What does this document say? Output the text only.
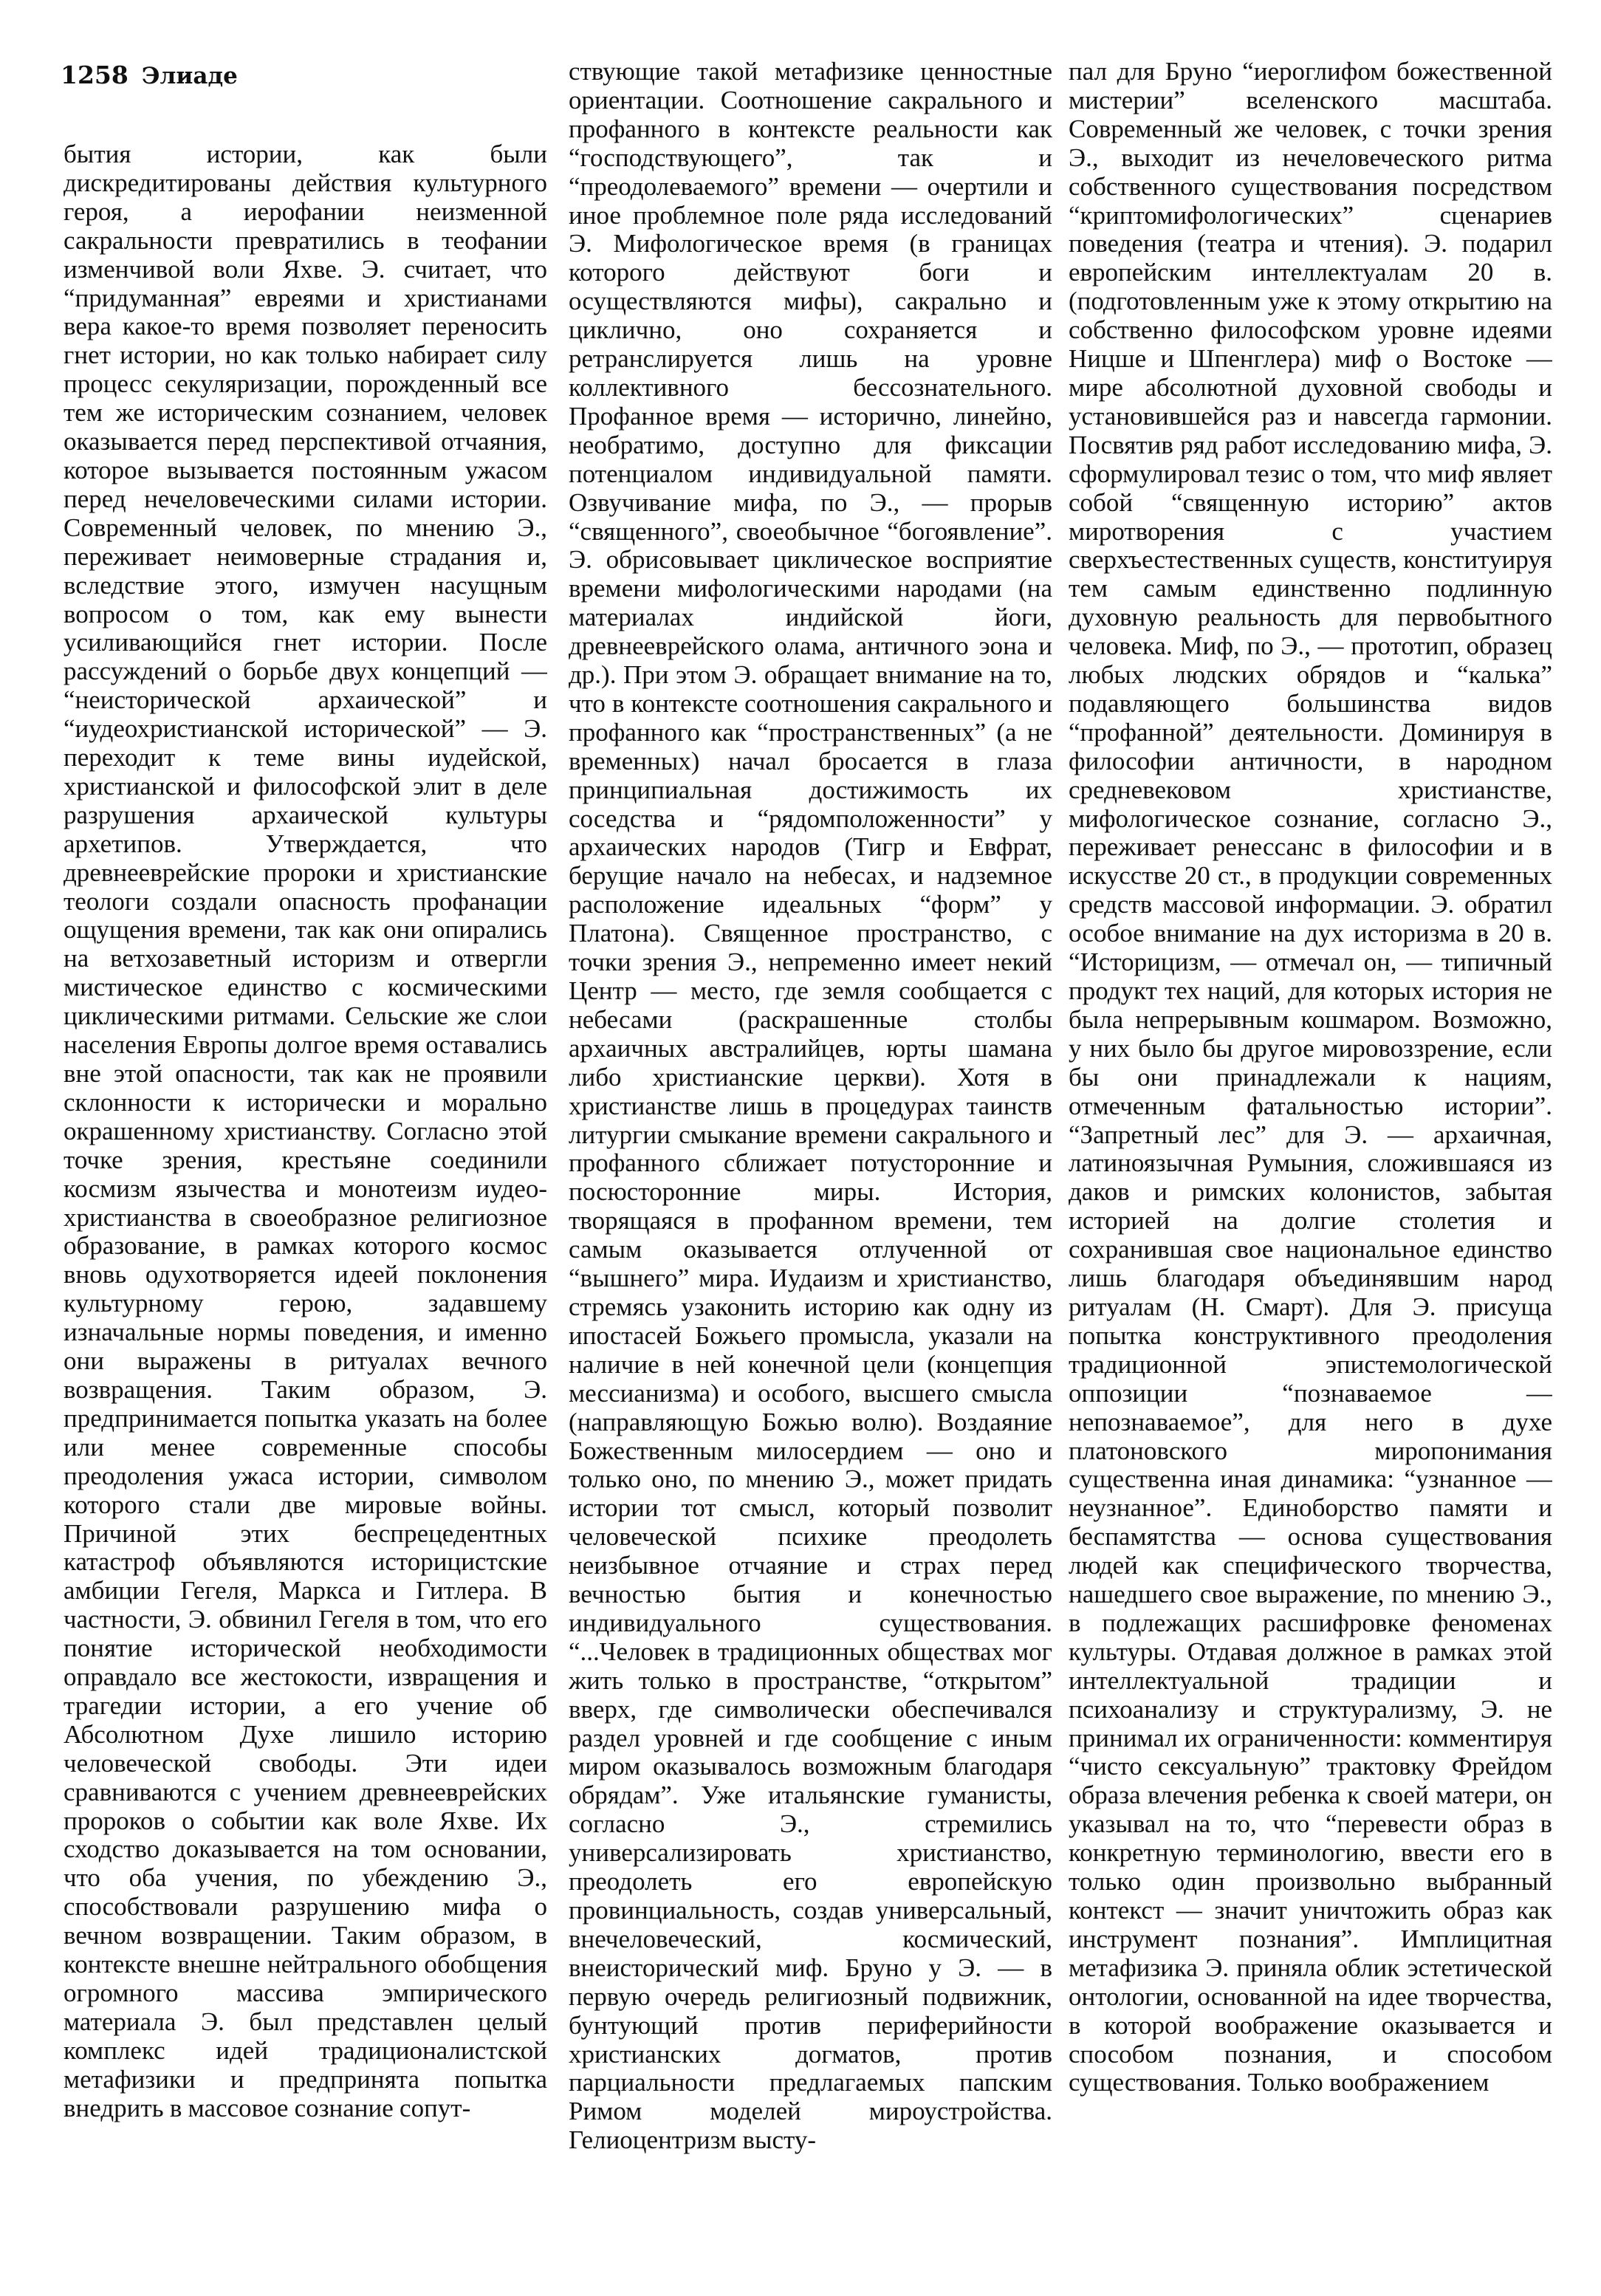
1258 Элиаде

бытия истории, как были дискредитированы действия культурного героя, а иерофании неизменной сакральности превратились в теофании изменчивой воли Яхве. Э. считает, что “придуманная” евреями и христианами вера какое-то время позволяет переносить гнет истории, но как только набирает силу процесс секуляризации, порожденный все тем же историческим сознанием, человек оказывается перед перспективой отчаяния, которое вызывается постоянным ужасом перед нечеловеческими силами истории. Современный человек, по мнению Э., переживает неимоверные страдания и, вследствие этого, измучен насущным вопросом о том, как ему вынести усиливающийся гнет истории. После рассуждений о борьбе двух концепций — “неисторической архаической” и “иудеохристианской исторической” — Э. переходит к теме вины иудейской, христианской и философской элит в деле разрушения архаической культуры архетипов. Утверждается, что древнееврейские пророки и христианские теологи создали опасность профанации ощущения времени, так как они опирались на ветхозаветный историзм и отвергли мистическое единство с космическими циклическими ритмами. Сельские же слои населения Европы долгое время оставались вне этой опасности, так как не проявили склонности к исторически и морально окрашенному христианству. Согласно этой точке зрения, крестьяне соединили космизм язычества и монотеизм иудео-христианства в своеобразное религиозное образование, в рамках которого космос вновь одухотворяется идеей поклонения культурному герою, задавшему изначальные нормы поведения, и именно они выражены в ритуалах вечного возвращения. Таким образом, Э. предпринимается попытка указать на более или менее современные способы преодоления ужаса истории, символом которого стали две мировые войны. Причиной этих беспрецедентных катастроф объявляются историцистские амбиции Гегеля, Маркса и Гитлера. В частности, Э. обвинил Гегеля в том, что его понятие исторической необходимости оправдало все жестокости, извращения и трагедии истории, а его учение об Абсолютном Духе лишило историю человеческой свободы. Эти идеи сравниваются с учением древнееврейских пророков о событии как воле Яхве. Их сходство доказывается на том основании, что оба учения, по убеждению Э., способствовали разрушению мифа о вечном возвращении. Таким образом, в контексте внешне нейтрального обобщения огромного массива эмпирического материала Э. был представлен целый комплекс идей традиционалистской метафизики и предпринята попытка внедрить в массовое сознание сопут-

ствующие такой метафизике ценностные ориентации. Соотношение сакрального и профанного в контексте реальности как “господствующего”, так и “преодолеваемого” времени — очертили и иное проблемное поле ряда исследований Э. Мифологическое время (в границах которого действуют боги и осуществляются мифы), сакрально и циклично, оно сохраняется и ретранслируется лишь на уровне коллективного бессознательного. Профанное время — исторично, линейно, необратимо, доступно для фиксации потенциалом индивидуальной памяти. Озвучивание мифа, по Э., — прорыв “священного”, своеобычное “богоявление”. Э. обрисовывает циклическое восприятие времени мифологическими народами (на материалах индийской йоги, древнееврейского олама, античного эона и др.). При этом Э. обращает внимание на то, что в контексте соотношения сакрального и профанного как “пространственных” (а не временных) начал бросается в глаза принципиальная достижимость их соседства и “рядомположенности” у архаических народов (Тигр и Евфрат, берущие начало на небесах, и надземное расположение идеальных “форм” у Платона). Священное пространство, с точки зрения Э., непременно имеет некий Центр — место, где земля сообщается с небесами (раскрашенные столбы архаичных австралийцев, юрты шамана либо христианские церкви). Хотя в христианстве лишь в процедурах таинств литургии смыкание времени сакрального и профанного сближает потусторонние и посюсторонние миры. История, творящаяся в профанном времени, тем самым оказывается отлученной от “вышнего” мира. Иудаизм и христианство, стремясь узаконить историю как одну из ипостасей Божьего промысла, указали на наличие в ней конечной цели (концепция мессианизма) и особого, высшего смысла (направляющую Божью волю). Воздаяние Божественным милосердием — оно и только оно, по мнению Э., может придать истории тот смысл, который позволит человеческой психике преодолеть неизбывное отчаяние и страх перед вечностью бытия и конечностью индивидуального существования. “...Человек в традиционных обществах мог жить только в пространстве, “открытом” вверх, где символически обеспечивался раздел уровней и где сообщение с иным миром оказывалось возможным благодаря обрядам”. Уже итальянские гуманисты, согласно Э., стремились универсализировать христианство, преодолеть его европейскую провинциальность, создав универсальный, внечеловеческий, космический, внеисторический миф. Бруно у Э. — в первую очередь религиозный подвижник, бунтующий против периферийности христианских догматов, против парциальности предлагаемых папским Римом моделей мироустройства. Гелиоцентризм высту-

пал для Бруно “иероглифом божественной мистерии” вселенского масштаба. Современный же человек, с точки зрения Э., выходит из нечеловеческого ритма собственного существования посредством “криптомифологических” сценариев поведения (театра и чтения). Э. подарил европейским интеллектуалам 20 в. (подготовленным уже к этому открытию на собственно философском уровне идеями Ницше и Шпенглера) миф о Востоке — мире абсолютной духовной свободы и установившейся раз и навсегда гармонии. Посвятив ряд работ исследованию мифа, Э. сформулировал тезис о том, что миф являет собой “священную историю” актов миротворения с участием сверхъестественных существ, конституируя тем самым единственно подлинную духовную реальность для первобытного человека. Миф, по Э., — прототип, образец любых людских обрядов и “калька” подавляющего большинства видов “профанной” деятельности. Доминируя в философии античности, в народном средневековом христианстве, мифологическое сознание, согласно Э., переживает ренессанс в философии и в искусстве 20 ст., в продукции современных средств массовой информации. Э. обратил особое внимание на дух историзма в 20 в. “Историцизм, — отмечал он, — типичный продукт тех наций, для которых история не была непрерывным кошмаром. Возможно, у них было бы другое мировоззрение, если бы они принадлежали к нациям, отмеченным фатальностью истории”. “Запретный лес” для Э. — архаичная, латиноязычная Румыния, сложившаяся из даков и римских колонистов, забытая историей на долгие столетия и сохранившая свое национальное единство лишь благодаря объединявшим народ ритуалам (Н. Смарт). Для Э. присуща попытка конструктивного преодоления традиционной эпистемологической оппозиции “познаваемое — непознаваемое”, для него в духе платоновского миропонимания существенна иная динамика: “узнанное — неузнанное”. Единоборство памяти и беспамятства — основа существования людей как специфического творчества, нашедшего свое выражение, по мнению Э., в подлежащих расшифровке феноменах культуры. Отдавая должное в рамках этой интеллектуальной традиции и психоанализу и структурализму, Э. не принимал их ограниченности: комментируя “чисто сексуальную” трактовку Фрейдом образа влечения ребенка к своей матери, он указывал на то, что “перевести образ в конкретную терминологию, ввести его в только один произвольно выбранный контекст — значит уничтожить образ как инструмент познания”. Имплицитная метафизика Э. приняла облик эстетической онтологии, основанной на идее творчества, в которой воображение оказывается и способом познания, и способом существования. Только воображением
